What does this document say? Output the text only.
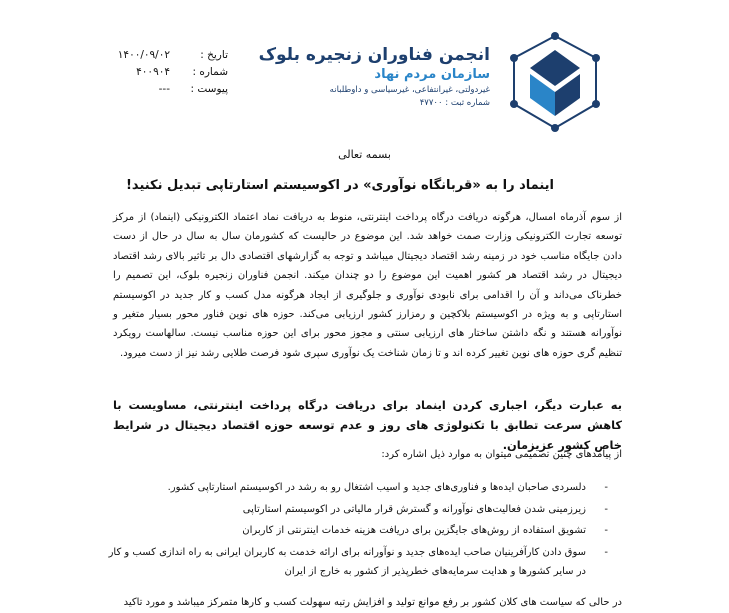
تاریخ :
۱۴۰۰/۰۹/۰۲
شماره :
۴۰۰۹۰۴
پیوست :
---
انجمن فناوران زنجیره بلوک
سازمان مردم نهاد
غیردولتی، غیرانتفاعی، غیرسیاسی و داوطلبانه
شماره ثبت : ۴۷۷۰۰
بسمه تعالی
اینماد را به «قربانگاه نوآوری» در اکوسیستم استارتاپی تبدیل نکنید!
از سوم آذرماه امسال، هرگونه دریافت درگاه پرداخت اینترنتی، منوط به دریافت نماد اعتماد الکترونیکی (اینماد) از مرکز توسعه تجارت الکترونیکی وزارت صمت خواهد شد. این موضوع در حالیست که کشورمان سال به سال در حال از دست دادن جایگاه مناسب خود در زمینه رشد اقتصاد دیجیتال میباشد و توجه به گزارشهای اقتصادی دال بر تاثیر بالای رشد اقتصاد دیجیتال در رشد اقتصاد هر کشور اهمیت این موضوع را دو چندان میکند. انجمن فناوران زنجیره بلوک، این تصمیم را خطرناک می‌داند و آن را اقدامی برای نابودی نوآوری و جلوگیری از ایجاد هرگونه مدل کسب و کار جدید در اکوسیستم استارتاپی و به ویژه در اکوسیستم بلاکچین و رمزارز کشور ارزیابی می‌کند. حوزه های نوین فناور محور بسیار متغیر و نوآورانه هستند و نگه داشتن ساختار های ارزیابی سنتی و مجوز محور برای این حوزه مناسب نیست. سالهاست رویکرد تنظیم گری حوزه های نوین تغییر کرده اند و تا زمان شناخت یک نوآوری سپری شود فرصت طلایی رشد نیز از دست میرود.
به عبارت دیگر، اجباری کردن اینماد برای دریافت درگاه پرداخت اینترنتی، مساویست با کاهش سرعت تطابق با تکنولوژی های روز و عدم توسعه حوزه اقتصاد دیجیتال در شرایط خاص کشور عزیزمان.
از پیامدهای چنین تصمیمی میتوان به موارد ذیل اشاره کرد:
- دلسردی صاحبان ایده‌ها و فناوری‌های جدید و اسیب اشتغال رو به رشد در اکوسیستم استارتاپی کشور.
- زیرزمینی شدن فعالیت‌های نوآورانه و گسترش قرار مالیاتی در اکوسیستم استارتاپی
- تشویق استفاده از روش‌های جایگزین برای دریافت هزینه خدمات اینترنتی از کاربران
- سوق دادن کارآفرینیان صاحب ایده‌های جدید و نوآورانه برای ارائه خدمت به کاربران ایرانی به راه اندازی کسب و کار در سایر کشورها و هدایت سرمایه‌های خطرپذیر از کشور به خارج از ایران
در حالی که سیاست های کلان کشور بر رفع موانع تولید و افزایش رتبه سهولت کسب و کارها متمرکز میباشد و مورد تاکید
